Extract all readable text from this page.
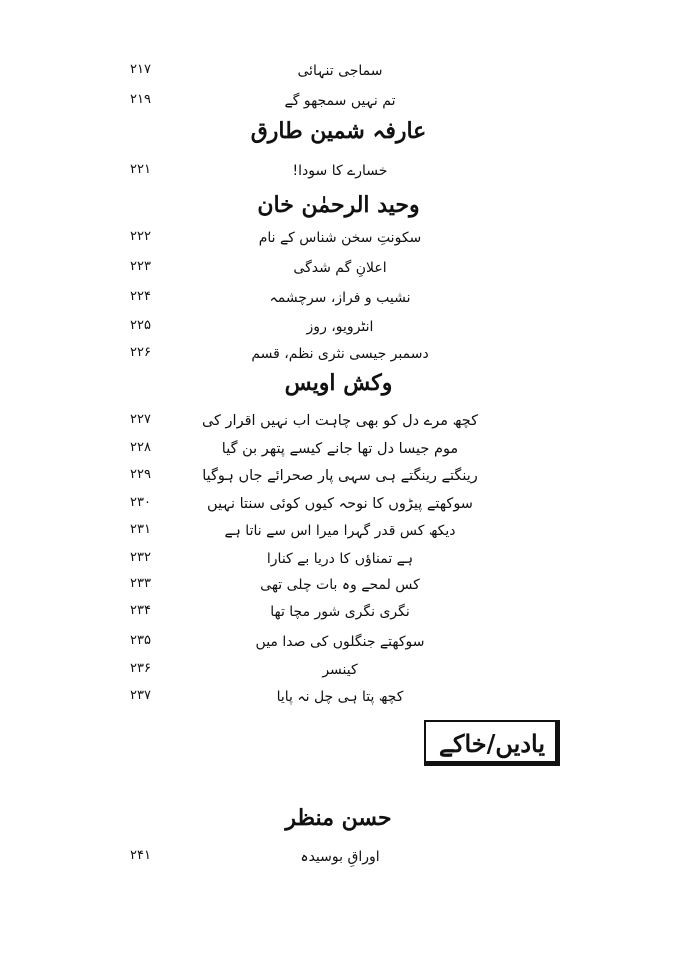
۲۱۷	سماجی تنہائی
۲۱۹	تم نہیں سمجھو گے
عارفہ شمین طارق
۲۲۱	خسارے کا سودا!
وحید الرحمٰن خان
۲۲۲	سکونتِ سخن شناس کے نام
۲۲۳	اعلانِ گم شدگی
۲۲۴	نشیب و فراز، سرچشمہ
۲۲۵	انٹرویو، روز
۲۲۶	دسمبر جیسی نثری نظم، قسم
وکش اویس
۲۲۷	کچھ مرے دل کو بھی چاہت اب نہیں اقرار کی
۲۲۸	موم جیسا دل تھا جانے کیسے پتھر بن گیا
۲۲۹	رینگتے رینگتے ہی سہی پار صحرائے جاں ہوگیا
۲۳۰	سوکھتے پیڑوں کا نوحہ کیوں کوئی سنتا نہیں
۲۳۱	دیکھ کس قدر گہرا میرا اس سے ناتا ہے
۲۳۲	ہے تمناؤں کا دریا بے کنارا
۲۳۳	کس لمحے وہ بات چلی تھی
۲۳۴	نگری نگری شور مچا تھا
۲۳۵	سوکھتے جنگلوں کی صدا میں
۲۳۶	کینسر
۲۳۷	کچھ پتا ہی چل نہ پایا
یادیں/خاکے
حسن منظر
۲۴۱	اوراقِ بوسیدہ
